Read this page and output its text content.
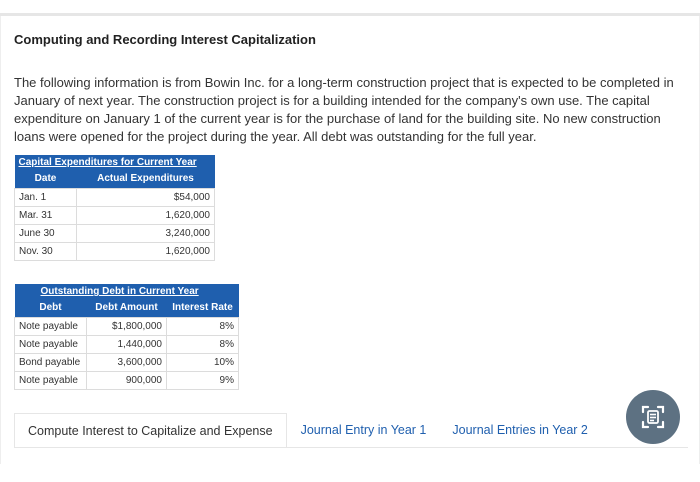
Computing and Recording Interest Capitalization

The following information is from Bowin Inc. for a long-term construction project that is expected to be completed in January of next year. The construction project is for a building intended for the company's own use. The capital expenditure on January 1 of the current year is for the purchase of land for the building site. No new construction loans were opened for the project during the year. All debt was outstanding for the full year.

Capital Expenditures for Current Year	
Date	Actual Expenditures
Jan. 1	$54,000
Mar. 31	1,620,000
June 30	3,240,000
Nov. 30	1,620,000
Outstanding Debt in Current Year		
Debt	Debt Amount	Interest Rate
Note payable	$1,800,000	8%
Note payable	1,440,000	8%
Bond payable	3,600,000	10%
Note payable	900,000	9%
Compute Interest to Capitalize and Expense	Journal Entry in Year 1 Journal Entries in Year 2
